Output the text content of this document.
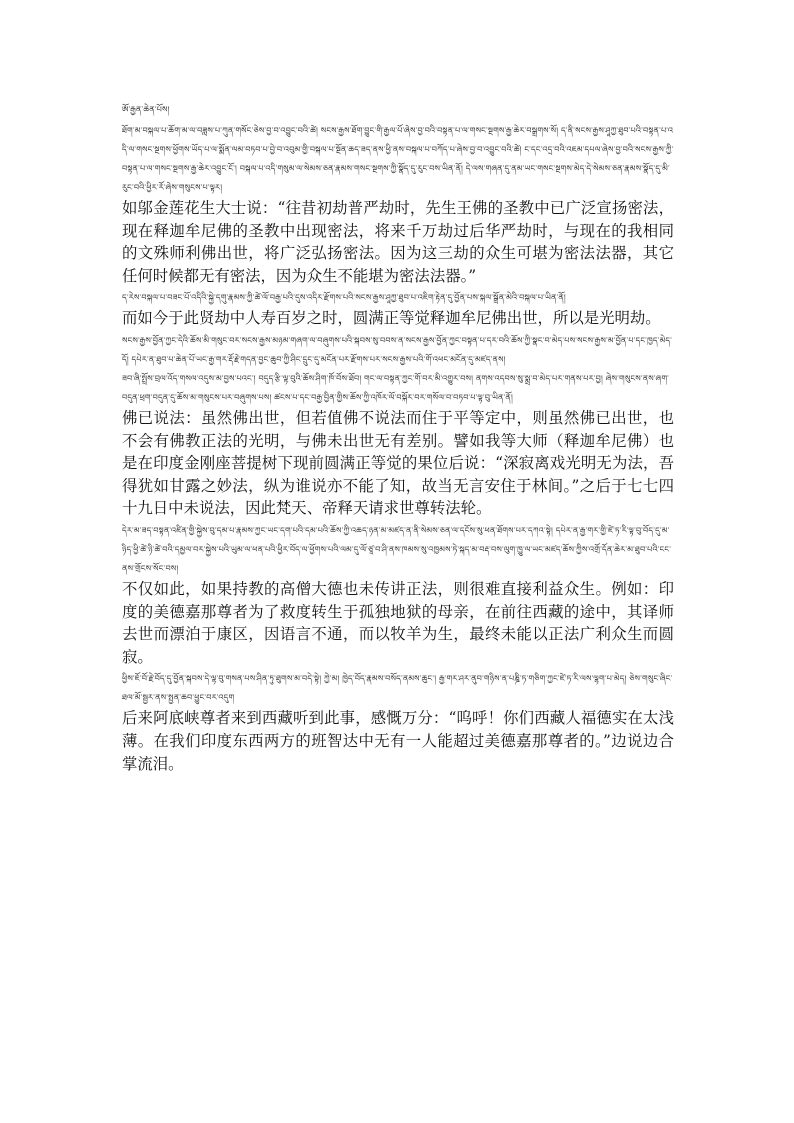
ཨོ་རྒྱན་ཆེན་པོས།

ཐོག་མ་བསྐལ་པ་ཆོག་མ་ལ་བཟླས་པ་ཀུན་གསོང་ཅེས་བྱ་བ་འབྱུང་བའི་ཚེ། སངས་རྒྱས་ཐོག་བྱུང་གི་རྒྱལ་པོ་ཞེས་བྱ་བའི་བསྟན་པ་ལ་གསང་སྔགས་རྒྱ་ཆེར་བསྒྲགས་སོ། ད་ནི་སངས་རྒྱས་ཤཱཀྱ་ཐུབ་པའི་བསྟན་པ་འདི་ལ་གསང་སྔགས་ཕྱོགས་ཡོད་པ་ལ་སྨོན་ལམ་བཏབ་པ་བྱེ་བ་འབུམ་གྱི་བསྐལ་པ་སྔོན་ཆད་ཟད་ནས་ཕྱི་ནས་བསྐལ་པ་བཀོད་པ་ཞེས་བྱ་བ་འབྱུང་བའི་ཚེ། ང་དང་འདྲ་བའི་འཇམ་དཔལ་ཞེས་བྱ་བའི་སངས་རྒྱས་ཀྱི་བསྟན་པ་ལ་གསང་སྔགས་རྒྱ་ཆེར་འབྱུང་ངོ་། བསྐལ་པ་འདི་གསུམ་ལ་སེམས་ཅན་རྣམས་གསང་སྔགས་ཀྱི་སྣོད་དུ་རུང་བས་ཡིན་ནོ། དེ་ལས་གཞན་དུ་ནམ་ཡང་གསང་སྔགས་མེད་དེ་སེམས་ཅན་རྣམས་སྣོད་དུ་མི་རུང་བའི་ཕྱིར་རོ་ཞེས་གསུངས་པ་ལྟར།

如邬金莲花生大士说：“往昔初劫普严劫时，先生王佛的圣教中已广泛宣扬密法，现在释迦牟尼佛的圣教中出现密法，将来千万劫过后华严劫时，与现在的我相同的文殊师利佛出世，将广泛弘扬密法。因为这三劫的众生可堪为密法法器，其它任何时候都无有密法，因为众生不能堪为密法法器。”

ད་རེས་བསྐལ་པ་བཟང་པོ་འདིའི་སྐྱེ་དགུ་རྣམས་ཀྱི་ཚེ་ལོ་བརྒྱ་པའི་དུས་འདིར་རྫོགས་པའི་སངས་རྒྱས་ཤཱཀྱ་ཐུབ་པ་འཇིག་རྟེན་དུ་བྱོན་པས་སྐལ་སྒྲོན་མེའི་བསྐལ་པ་ཡིན་ནོ།

而如今于此贤劫中人寿百岁之时，圆满正等觉释迦牟尼佛出世，所以是光明劫。

སངས་རྒྱས་བྱོན་ཀྱང་དེའི་ཆོས་མི་གསུང་བར་སངས་རྒྱས་མཉམ་གཞག་ལ་བཞུགས་པའི་སྐབས་སུ་བབས་ན་སངས་རྒྱས་བྱོན་ཀྱང་བསྟན་པ་དར་བའི་ཆོས་ཀྱི་སྣང་བ་མེད་པས་སངས་རྒྱས་མ་བྱོན་པ་དང་ཁྱད་མེད་དོ། དཔེར་ན་ཐུབ་པ་ཆེན་པོ་ཡང་རྒྱ་གར་རྡོ་རྗེ་གདན་བྱང་ཆུབ་ཀྱི་ཤིང་དྲུང་དུ་མངོན་པར་རྫོགས་པར་སངས་རྒྱས་པའི་གོ་འཕང་མངོན་དུ་མཛད་ནས།

ཟབ་ཞི་སྤྲོས་བྲལ་འོད་གསལ་འདུས་མ་བྱས་པའང་། བདུད་རྩི་ལྟ་བུའི་ཆོས་ཤིག་ཁོ་བོས་ཐོབ། གང་ལ་བསྟན་ཀྱང་གོ་བར་མི་འགྱུར་བས། ནགས་འདབས་སུ་སྨྲ་བ་མེད་པར་གནས་པར་བྱ། ཞེས་གསུངས་ནས་ཞག་བདུན་ཕྲག་བདུན་དུ་ཆོས་མ་གསུངས་པར་བཞུགས་པས། ཚངས་པ་དང་བརྒྱ་བྱིན་གྱིས་ཆོས་ཀྱི་འཁོར་ལོ་བསྐོར་བར་གསོལ་བ་བཏབ་པ་ལྟ་བུ་ཡིན་ནོ།

佛已说法：虽然佛出世，但若值佛不说法而住于平等定中，则虽然佛已出世，也不会有佛教正法的光明，与佛未出世无有差别。譬如我等大师（释迦牟尼佛）也是在印度金刚座菩提树下现前圆满正等觉的果位后说：“深寂离戏光明无为法，吾得犹如甘露之妙法，纵为谁说亦不能了知，故当无言安住于林间。”之后于七七四十九日中未说法，因此梵天、帝释天请求世尊转法轮。

དེར་མ་ཟད་བསྟན་འཛིན་གྱི་སྐྱེས་བུ་དམ་པ་རྣམས་ཀྱང་ཡང་དག་པའི་དམ་པའི་ཆོས་ཀྱི་འཆད་ཉན་མ་མཛད་ན་ནི་སེམས་ཅན་ལ་དངོས་སུ་ཕན་ཐོགས་པར་དཀའ་སྟེ། དཔེར་ན་རྒྱ་གར་གྱི་ཛེ་ཏ་རི་ལྟ་བུ་བོད་དུ་མ་ཉིད་ཕྱི་ཚེ་ཉི་ཚེ་བའི་དམྱལ་བར་སྐྱེས་པའི་ཡུམ་ལ་ཕན་པའི་ཕྱིར་བོད་ལ་ཕྱོགས་པའི་ལམ་དུ་ལོ་ཙཱ་བ་ཤི་ནས་ཁམས་སུ་འཁྱམས་ཏེ་སྐད་མ་བརྡ་བས་ལུག་ཁྱུ་ལ་ཡང་མཛད་ཆོས་ཀྱིས་འགྲོ་དོན་ཆེར་མ་ཐུབ་པའི་ངང་ནས་གྲོངས་སོང་བས།

不仅如此，如果持教的高僧大德也未传讲正法，则很难直接利益众生。例如：印度的美德嘉那尊者为了救度转生于孤独地狱的母亲，在前往西藏的途中，其译师去世而漂泊于康区，因语言不通，而以牧羊为生，最终未能以正法广利众生而圆寂。

ཕྱིས་ཇོ་བོ་རྗེ་བོད་དུ་བྱོན་སྐབས་དེ་ལྟ་བུ་གསན་པས་ཤིན་ཏུ་ཐུགས་མ་བདེ་སྟེ། ཀྱེ་མ། ཁྱེད་བོད་རྣམས་བསོད་ནམས་ཆུང་། རྒྱ་གར་ཤར་ནུབ་གཉིས་ན་པཎྜི་ཏ་གཅིག་ཀྱང་ཛེ་ཏ་རི་ལས་ལྷག་པ་མེད། ཅེས་གསུང་ཞིང་ཐལ་མོ་སྦྱར་ནས་སྤྱན་ཆབ་ཕྱུང་བར་འདུག

后来阿底峡尊者来到西藏听到此事，感慨万分：“呜呼！你们西藏人福德实在太浅薄。在我们印度东西两方的班智达中无有一人能超过美德嘉那尊者的。”边说边合掌流泪。
